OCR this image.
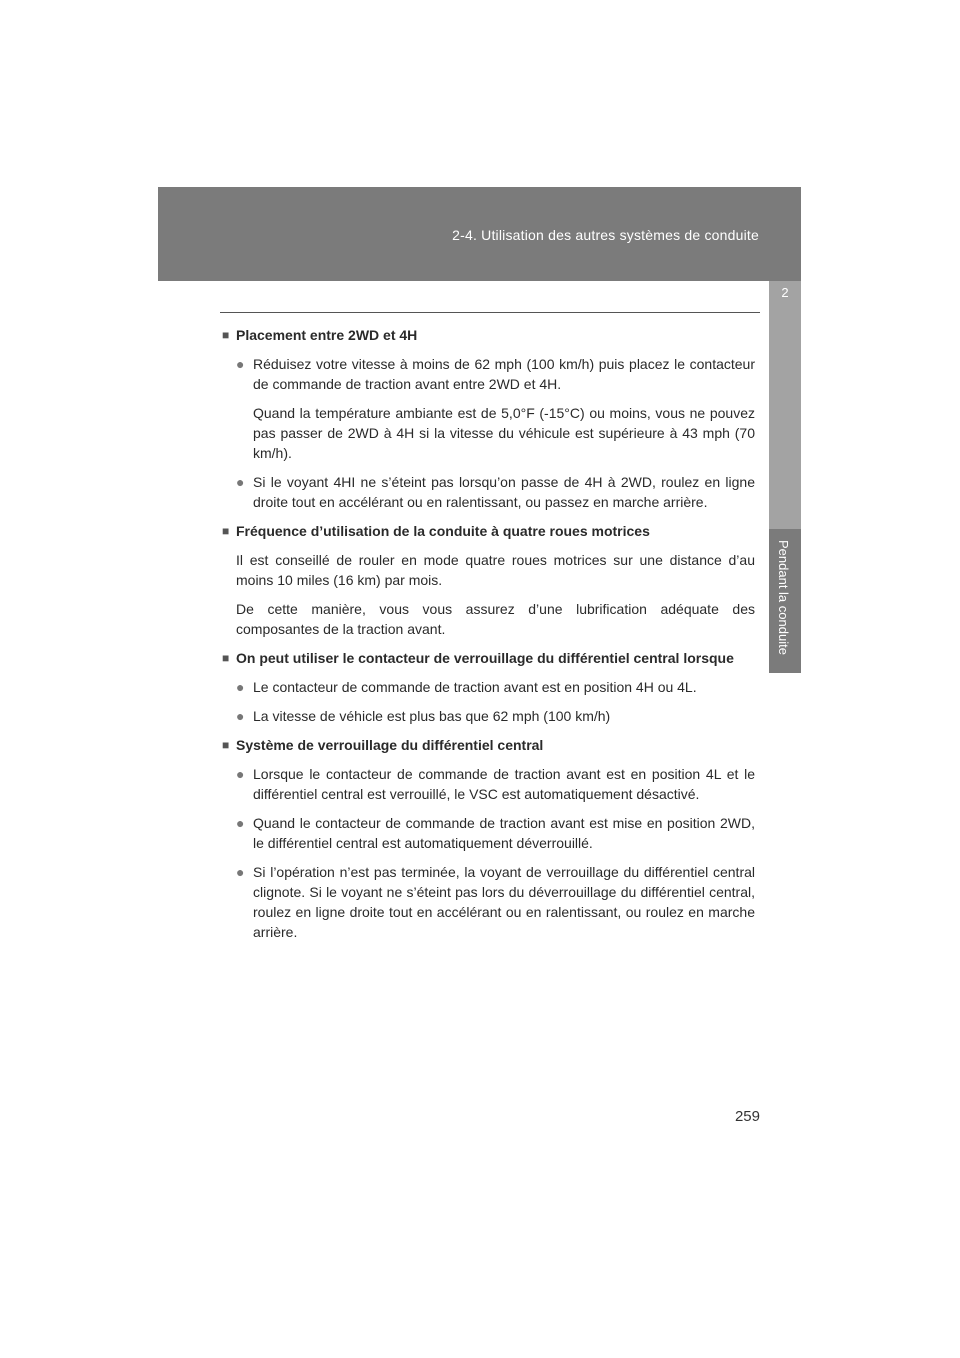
2-4. Utilisation des autres systèmes de conduite
2
Pendant la conduite
■ Placement entre 2WD et 4H
● Réduisez votre vitesse à moins de 62 mph (100 km/h) puis placez le contacteur de commande de traction avant entre 2WD et 4H.
Quand la température ambiante est de 5,0°F (-15°C) ou moins, vous ne pouvez pas passer de 2WD à 4H si la vitesse du véhicule est supérieure à 43 mph (70 km/h).
● Si le voyant 4HI ne s’éteint pas lorsqu’on passe de 4H à 2WD, roulez en ligne droite tout en accélérant ou en ralentissant, ou passez en marche arrière.
■ Fréquence d’utilisation de la conduite à quatre roues motrices
Il est conseillé de rouler en mode quatre roues motrices sur une distance d’au moins 10 miles (16 km) par mois.
De cette manière, vous vous assurez d’une lubrification adéquate des composantes de la traction avant.
■ On peut utiliser le contacteur de verrouillage du différentiel central lorsque
● Le contacteur de commande de traction avant est en position 4H ou 4L.
● La vitesse de véhicle est plus bas que 62 mph (100 km/h)
■ Système de verrouillage du différentiel central
● Lorsque le contacteur de commande de traction avant est en position 4L et le différentiel central est verrouillé, le VSC est automatiquement désactivé.
● Quand le contacteur de commande de traction avant est mise en position 2WD, le différentiel central est automatiquement déverrouillé.
● Si l’opération n’est pas terminée, la voyant de verrouillage du différentiel central clignote. Si le voyant ne s’éteint pas lors du déverrouillage du différentiel central, roulez en ligne droite tout en accélérant ou en ralentissant, ou roulez en marche arrière.
259
